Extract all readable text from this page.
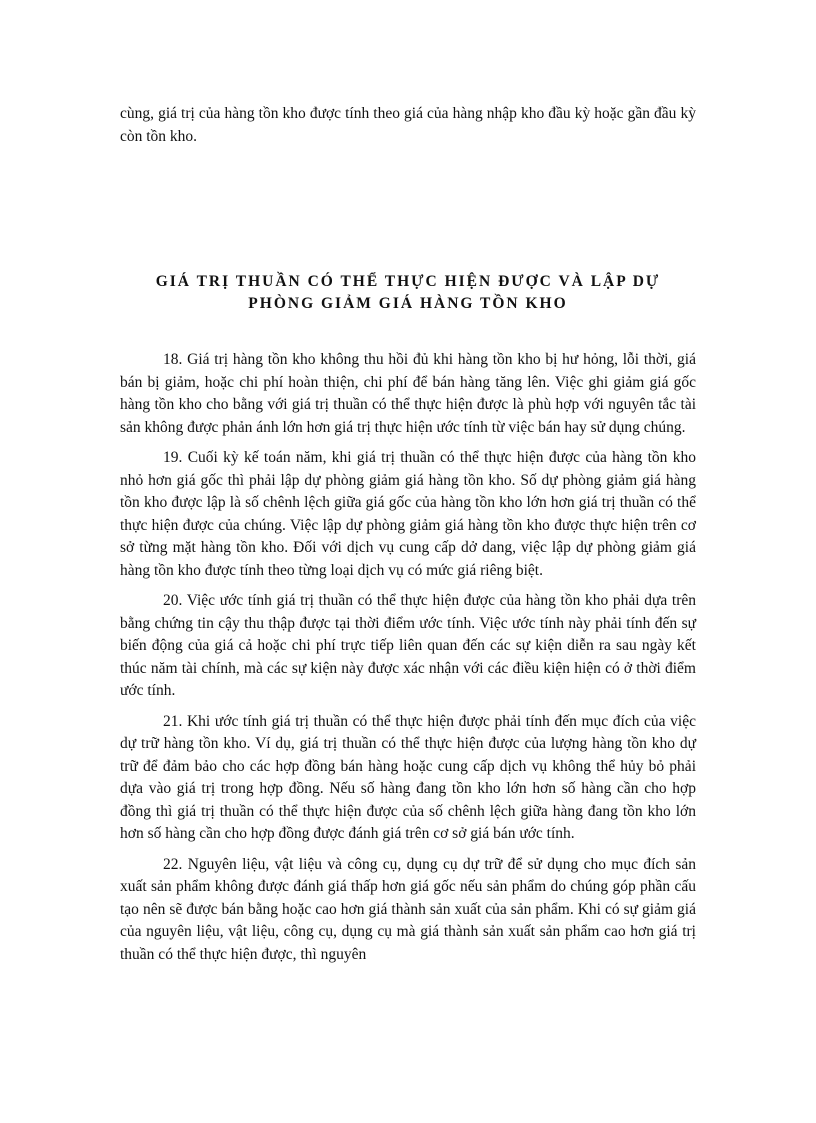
cùng, giá trị của hàng tồn kho được tính theo giá của hàng nhập kho đầu kỳ hoặc gần đầu kỳ còn tồn kho.

GIÁ TRỊ THUẦN CÓ THỂ THỰC HIỆN ĐƯỢC VÀ LẬP DỰ PHÒNG GIẢM GIÁ HÀNG TỒN KHO

18. Giá trị hàng tồn kho không thu hồi đủ khi hàng tồn kho bị hư hỏng, lỗi thời, giá bán bị giảm, hoặc chi phí hoàn thiện, chi phí để bán hàng tăng lên. Việc ghi giảm giá gốc hàng tồn kho cho bằng với giá trị thuần có thể thực hiện được là phù hợp với nguyên tắc tài sản không được phản ánh lớn hơn giá trị thực hiện ước tính từ việc bán hay sử dụng chúng.

19. Cuối kỳ kế toán năm, khi giá trị thuần có thể thực hiện được của hàng tồn kho nhỏ hơn giá gốc thì phải lập dự phòng giảm giá hàng tồn kho. Số dự phòng giảm giá hàng tồn kho được lập là số chênh lệch giữa giá gốc của hàng tồn kho lớn hơn giá trị thuần có thể thực hiện được của chúng. Việc lập dự phòng giảm giá hàng tồn kho được thực hiện trên cơ sở từng mặt hàng tồn kho. Đối với dịch vụ cung cấp dở dang, việc lập dự phòng giảm giá hàng tồn kho được tính theo từng loại dịch vụ có mức giá riêng biệt.

20. Việc ước tính giá trị thuần có thể thực hiện được của hàng tồn kho phải dựa trên bằng chứng tin cậy thu thập được tại thời điểm ước tính. Việc ước tính này phải tính đến sự biến động của giá cả hoặc chi phí trực tiếp liên quan đến các sự kiện diễn ra sau ngày kết thúc năm tài chính, mà các sự kiện này được xác nhận với các điều kiện hiện có ở thời điểm ước tính.

21. Khi ước tính giá trị thuần có thể thực hiện được phải tính đến mục đích của việc dự trữ hàng tồn kho. Ví dụ, giá trị thuần có thể thực hiện được của lượng hàng tồn kho dự trữ để đảm bảo cho các hợp đồng bán hàng hoặc cung cấp dịch vụ không thể hủy bỏ phải dựa vào giá trị trong hợp đồng. Nếu số hàng đang tồn kho lớn hơn số hàng cần cho hợp đồng thì giá trị thuần có thể thực hiện được của số chênh lệch giữa hàng đang tồn kho lớn hơn số hàng cần cho hợp đồng được đánh giá trên cơ sở giá bán ước tính.

22. Nguyên liệu, vật liệu và công cụ, dụng cụ dự trữ để sử dụng cho mục đích sản xuất sản phẩm không được đánh giá thấp hơn giá gốc nếu sản phẩm do chúng góp phần cấu tạo nên sẽ được bán bằng hoặc cao hơn giá thành sản xuất của sản phẩm. Khi có sự giảm giá của nguyên liệu, vật liệu, công cụ, dụng cụ mà giá thành sản xuất sản phẩm cao hơn giá trị thuần có thể thực hiện được, thì nguyên
